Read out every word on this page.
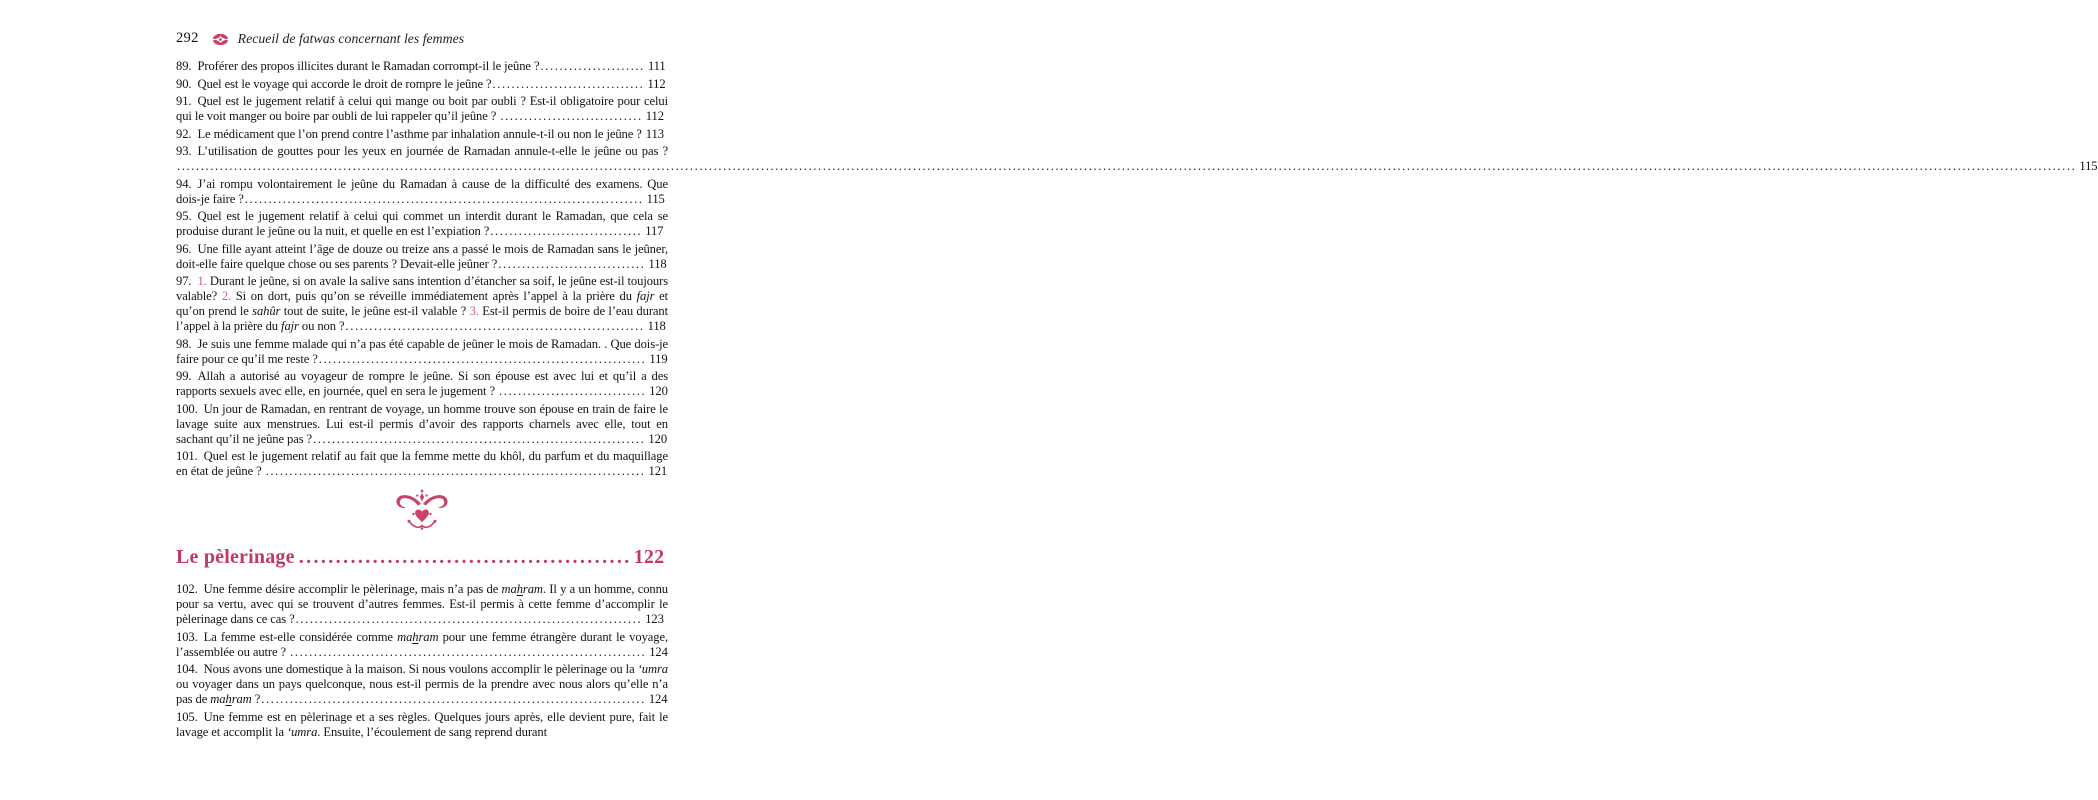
292	Recueil de fatwas concernant les femmes

89. Proférer des propos illicites durant le Ramadan corrompt-il le jeûne ?...................... 111

90. Quel est le voyage qui accorde le droit de rompre le jeûne ?................................ 112

91. Quel est le jugement relatif à celui qui mange ou boit par oubli ? Est-il obligatoire pour celui qui le voit manger ou boire par oubli de lui rappeler qu’il jeûne ? .............................. 112

92. Le médicament que l’on prend contre l’asthme par inhalation annule-t-il ou non le jeûne ? 113

93. L’utilisation de gouttes pour les yeux en journée de Ramadan annule-t-elle le jeûne ou pas ? ................................................................................................................................................................................................................................................................................................................................................................................................................ 115

94. J’ai rompu volontairement le jeûne du Ramadan à cause de la difficulté des examens. Que dois-je faire ?.................................................................................... 115

95. Quel est le jugement relatif à celui qui commet un interdit durant le Ramadan, que cela se produise durant le jeûne ou la nuit, et quelle en est l’expiation ?................................ 117

96. Une fille ayant atteint l’âge de douze ou treize ans a passé le mois de Ramadan sans le jeûner, doit-elle faire quelque chose ou ses parents ? Devait-elle jeûner ?............................... 118

97. 1. Durant le jeûne, si on avale la salive sans intention d’étancher sa soif, le jeûne est-il toujours valable? 2. Si on dort, puis qu’on se réveille immédiatement après l’appel à la prière du fajr et qu’on prend le sahûr tout de suite, le jeûne est-il valable ? 3. Est-il permis de boire de l’eau durant l’appel à la prière du fajr ou non ?............................................................... 118

98. Je suis une femme malade qui n’a pas été capable de jeûner le mois de Ramadan. . Que dois-je faire pour ce qu’il me reste ?..................................................................... 119

99. Allah a autorisé au voyageur de rompre le jeûne. Si son épouse est avec lui et qu’il a des rapports sexuels avec elle, en journée, quel en sera le jugement ? ............................... 120

100. Un jour de Ramadan, en rentrant de voyage, un homme trouve son épouse en train de faire le lavage suite aux menstrues. Lui est-il permis d’avoir des rapports charnels avec elle, tout en sachant qu’il ne jeûne pas ?...................................................................... 120

101. Quel est le jugement relatif au fait que la femme mette du khôl, du parfum et du maquillage en état de jeûne ? ................................................................................ 121

Le pèlerinage ............................................. 122

102. Une femme désire accomplir le pèlerinage, mais n’a pas de mahram. Il y a un homme, connu pour sa vertu, avec qui se trouvent d’autres femmes. Est-il permis à cette femme d’accomplir le pèlerinage dans ce cas ?......................................................................... 123

103. La femme est-elle considérée comme mahram pour une femme étrangère durant le voyage, l’assemblée ou autre ? ........................................................................... 124

104. Nous avons une domestique à la maison. Si nous voulons accomplir le pèlerinage ou la ‘umra ou voyager dans un pays quelconque, nous est-il permis de la prendre avec nous alors qu’elle n’a pas de mahram ?................................................................................. 124

105. Une femme est en pèlerinage et a ses règles. Quelques jours après, elle devient pure, fait le lavage et accomplit la ‘umra. Ensuite, l’écoulement de sang reprend durant
